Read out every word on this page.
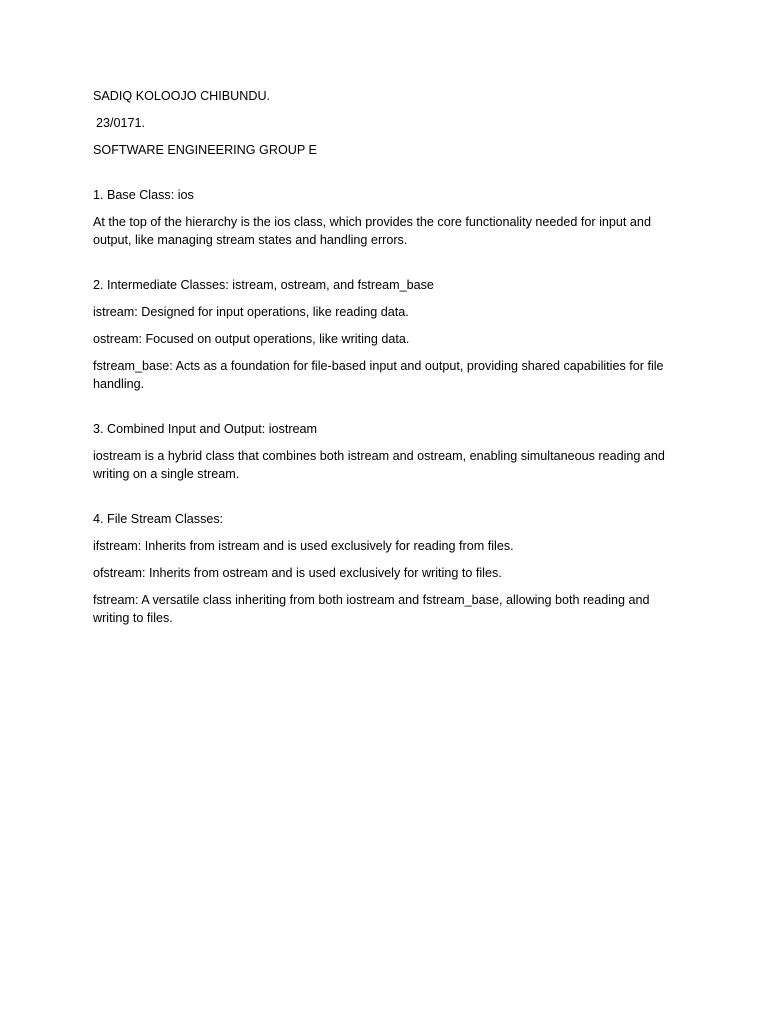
SADIQ KOLOOJO CHIBUNDU.

23/0171.

SOFTWARE ENGINEERING GROUP E

1. Base Class: ios

At the top of the hierarchy is the ios class, which provides the core functionality needed for input and output, like managing stream states and handling errors.

2. Intermediate Classes: istream, ostream, and fstream_base

istream: Designed for input operations, like reading data.

ostream: Focused on output operations, like writing data.

fstream_base: Acts as a foundation for file-based input and output, providing shared capabilities for file handling.

3. Combined Input and Output: iostream

iostream is a hybrid class that combines both istream and ostream, enabling simultaneous reading and writing on a single stream.

4. File Stream Classes:

ifstream: Inherits from istream and is used exclusively for reading from files.

ofstream: Inherits from ostream and is used exclusively for writing to files.

fstream: A versatile class inheriting from both iostream and fstream_base, allowing both reading and writing to files.
